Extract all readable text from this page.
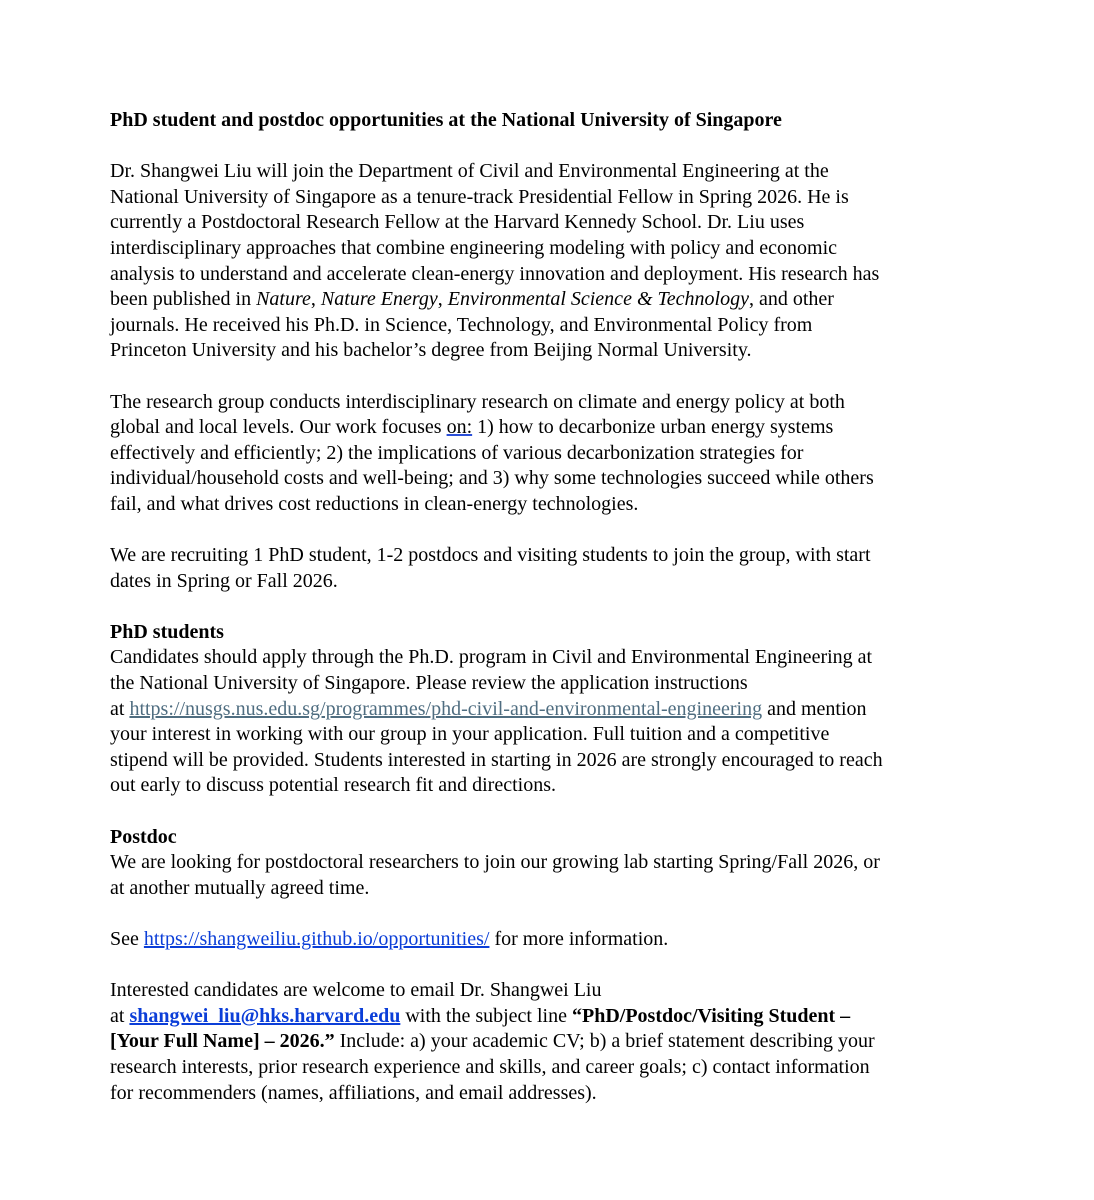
PhD student and postdoc opportunities at the National University of Singapore
Dr. Shangwei Liu will join the Department of Civil and Environmental Engineering at the
National University of Singapore as a tenure-track Presidential Fellow in Spring 2026. He is
currently a Postdoctoral Research Fellow at the Harvard Kennedy School. Dr. Liu uses
interdisciplinary approaches that combine engineering modeling with policy and economic
analysis to understand and accelerate clean-energy innovation and deployment. His research has
been published in Nature, Nature Energy, Environmental Science & Technology, and other
journals. He received his Ph.D. in Science, Technology, and Environmental Policy from
Princeton University and his bachelor’s degree from Beijing Normal University.
The research group conducts interdisciplinary research on climate and energy policy at both
global and local levels. Our work focuses on: 1) how to decarbonize urban energy systems
effectively and efficiently; 2) the implications of various decarbonization strategies for
individual/household costs and well-being; and 3) why some technologies succeed while others
fail, and what drives cost reductions in clean-energy technologies.
We are recruiting 1 PhD student, 1-2 postdocs and visiting students to join the group, with start
dates in Spring or Fall 2026.
PhD students
Candidates should apply through the Ph.D. program in Civil and Environmental Engineering at
the National University of Singapore. Please review the application instructions
at https://nusgs.nus.edu.sg/programmes/phd-civil-and-environmental-engineering and mention
your interest in working with our group in your application. Full tuition and a competitive
stipend will be provided. Students interested in starting in 2026 are strongly encouraged to reach
out early to discuss potential research fit and directions.
Postdoc
We are looking for postdoctoral researchers to join our growing lab starting Spring/Fall 2026, or
at another mutually agreed time.
See https://shangweiliu.github.io/opportunities/ for more information.
Interested candidates are welcome to email Dr. Shangwei Liu
at shangwei_liu@hks.harvard.edu with the subject line “PhD/Postdoc/Visiting Student –
[Your Full Name] – 2026.” Include: a) your academic CV; b) a brief statement describing your
research interests, prior research experience and skills, and career goals; c) contact information
for recommenders (names, affiliations, and email addresses).
